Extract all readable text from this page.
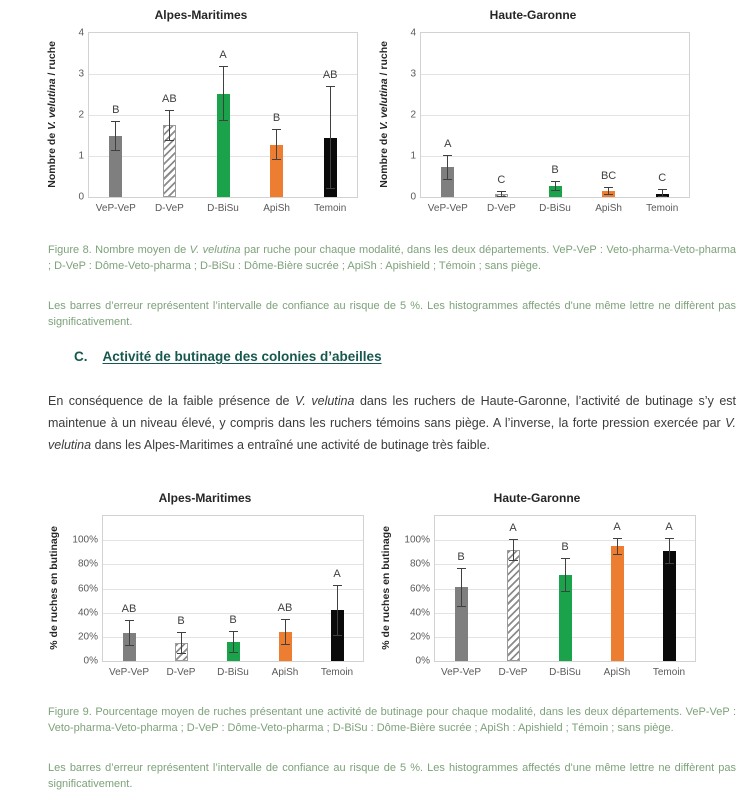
Alpes-Maritimes
Nombre de V. velutina / ruche
0
1
2
3
4
B
VeP-VeP
AB
D-VeP
A
D-BiSu
B
ApiSh
AB
Temoin
Haute-Garonne
Nombre de V. velutina / ruche
0
1
2
3
4
A
VeP-VeP
C
D-VeP
B
D-BiSu
BC
ApiSh
C
Temoin
Alpes-Maritimes
% de ruches en butinage
0%
20%
40%
60%
80%
100%
AB
VeP-VeP
B
D-VeP
B
D-BiSu
AB
ApiSh
A
Temoin
Haute-Garonne
% de ruches en butinage
0%
20%
40%
60%
80%
100%
B
VeP-VeP
A
D-VeP
B
D-BiSu
A
ApiSh
A
Temoin

Figure 8. Nombre moyen de V. velutina par ruche pour chaque modalité, dans les deux départements. VeP-VeP : Veto-pharma-Veto-pharma ; D-VeP : Dôme-Veto-pharma ; D-BiSu : Dôme-Bière sucrée ; ApiSh : Apishield ; Témoin ; sans piège.

Les barres d’erreur représentent l’intervalle de confiance au risque de 5 %. Les histogrammes affectés d'une même lettre ne diffèrent pas significativement.

C. Activité de butinage des colonies d’abeilles

En conséquence de la faible présence de V. velutina dans les ruchers de Haute-Garonne, l’activité de butinage s’y est maintenue à un niveau élevé, y compris dans les ruchers témoins sans piège. A l’inverse, la forte pression exercée par V. velutina dans les Alpes-Maritimes a entraîné une activité de butinage très faible.

Figure 9. Pourcentage moyen de ruches présentant une activité de butinage pour chaque modalité, dans les deux départements. VeP-VeP : Veto-pharma-Veto-pharma ; D-VeP : Dôme-Veto-pharma ; D-BiSu : Dôme-Bière sucrée ; ApiSh : Apishield ; Témoin ; sans piège.

Les barres d’erreur représentent l’intervalle de confiance au risque de 5 %. Les histogrammes affectés d'une même lettre ne diffèrent pas significativement.
